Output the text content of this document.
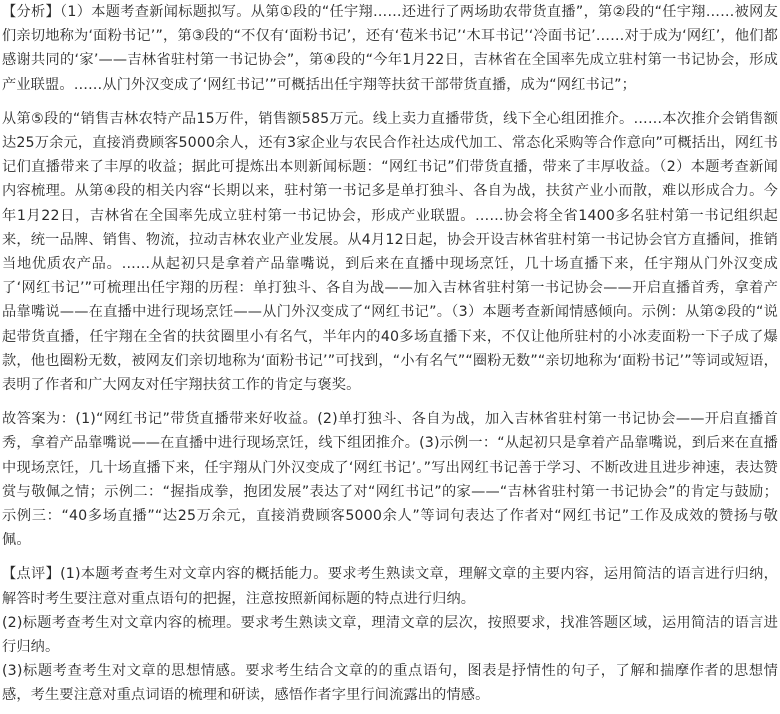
【分析】（1）本题考查新闻标题拟写。从第①段的“任宇翔……还进行了两场助农带货直播”，第②段的“任宇翔……被网友们亲切地称为‘面粉书记’”，第③段的“不仅有‘面粉书记’，还有‘苞米书记’‘木耳书记’‘冷面书记’……对于成为‘网红’，他们都感谢共同的‘家’——吉林省驻村第一书记协会”，第④段的“今年1月22日，吉林省在全国率先成立驻村第一书记协会，形成产业联盟。……从门外汉变成了‘网红书记’”可概括出任宇翔等扶贫干部带货直播，成为“网红书记”；

从第⑤段的“销售吉林农特产品15万件，销售额585万元。线上卖力直播带货，线下全心组团推介。……本次推介会销售额达25万余元，直接消费顾客5000余人，还有3家企业与农民合作社达成代加工、常态化采购等合作意向”可概括出，网红书记们直播带来了丰厚的收益；据此可提炼出本则新闻标题：“网红书记”们带货直播，带来了丰厚收益。（2）本题考查新闻内容梳理。从第④段的相关内容“长期以来，驻村第一书记多是单打独斗、各自为战，扶贫产业小而散，难以形成合力。今年1月22日，吉林省在全国率先成立驻村第一书记协会，形成产业联盟。……协会将全省1400多名驻村第一书记组织起来，统一品牌、销售、物流，拉动吉林农业产业发展。从4月12日起，协会开设吉林省驻村第一书记协会官方直播间，推销当地优质农产品。……从起初只是拿着产品靠嘴说，到后来在直播中现场烹饪，几十场直播下来，任宇翔从门外汉变成了‘网红书记’”可梳理出任宇翔的历程：单打独斗、各自为战——加入吉林省驻村第一书记协会——开启直播首秀，拿着产品靠嘴说——在直播中进行现场烹饪——从门外汉变成了“网红书记”。（3）本题考查新闻情感倾向。示例：从第②段的“说起带货直播，任宇翔在全省的扶贫圈里小有名气，半年内的40多场直播下来，不仅让他所驻村的小冰麦面粉一下子成了爆款，他也圈粉无数，被网友们亲切地称为‘面粉书记’”可找到，“小有名气”“圈粉无数”“亲切地称为‘面粉书记’”等词或短语，表明了作者和广大网友对任宇翔扶贫工作的肯定与褒奖。

故答案为：(1)“网红书记”带货直播带来好收益。(2)单打独斗、各自为战，加入吉林省驻村第一书记协会——开启直播首秀，拿着产品靠嘴说——在直播中进行现场烹饪，线下组团推介。(3)示例一：“从起初只是拿着产品靠嘴说，到后来在直播中现场烹饪，几十场直播下来，任宇翔从门外汉变成了‘网红书记’。”写出网红书记善于学习、不断改进且进步神速，表达赞赏与敬佩之情；示例二：“握指成拳，抱团发展”表达了对“网红书记”的家——“吉林省驻村第一书记协会”的肯定与鼓励；示例三：“40多场直播”“达25万余元，直接消费顾客5000余人”等词句表达了作者对“网红书记”工作及成效的赞扬与敬佩。

【点评】(1)本题考查考生对文章内容的概括能力。要求考生熟读文章，理解文章的主要内容，运用简洁的语言进行归纳，解答时考生要注意对重点语句的把握，注意按照新闻标题的特点进行归纳。

(2)标题考查考生对文章内容的梳理。要求考生熟读文章，理清文章的层次，按照要求，找准答题区域，运用简洁的语言进行归纳。

(3)标题考查考生对文章的思想情感。要求考生结合文章的的重点语句，图表是抒情性的句子，了解和揣摩作者的思想情感，考生要注意对重点词语的梳理和研读，感悟作者字里行间流露出的情感。
